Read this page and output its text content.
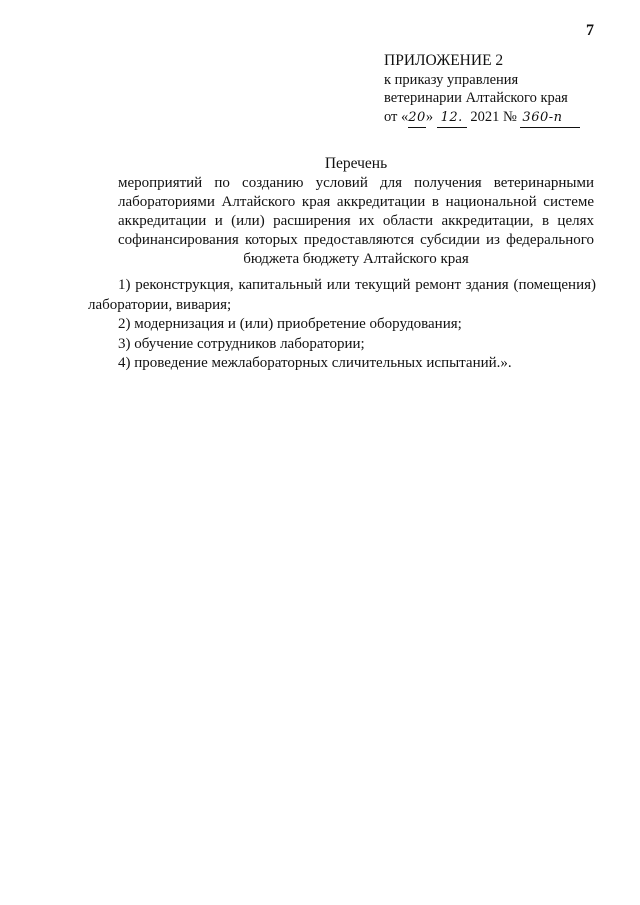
7
ПРИЛОЖЕНИЕ 2
к приказу управления
ветеринарии Алтайского края
от «20» 12. 2021 № 360-п
Перечень
мероприятий по созданию условий для получения ветеринарными лабораториями Алтайского края аккредитации в национальной системе аккредитации и (или) расширения их области аккредитации, в целях софинансирования которых предоставляются субсидии из федерального бюджета бюджету Алтайского края

1) реконструкция, капитальный или текущий ремонт здания (помещения) лаборатории, вивария;

2) модернизация и (или) приобретение оборудования;

3) обучение сотрудников лаборатории;

4) проведение межлабораторных сличительных испытаний.».
